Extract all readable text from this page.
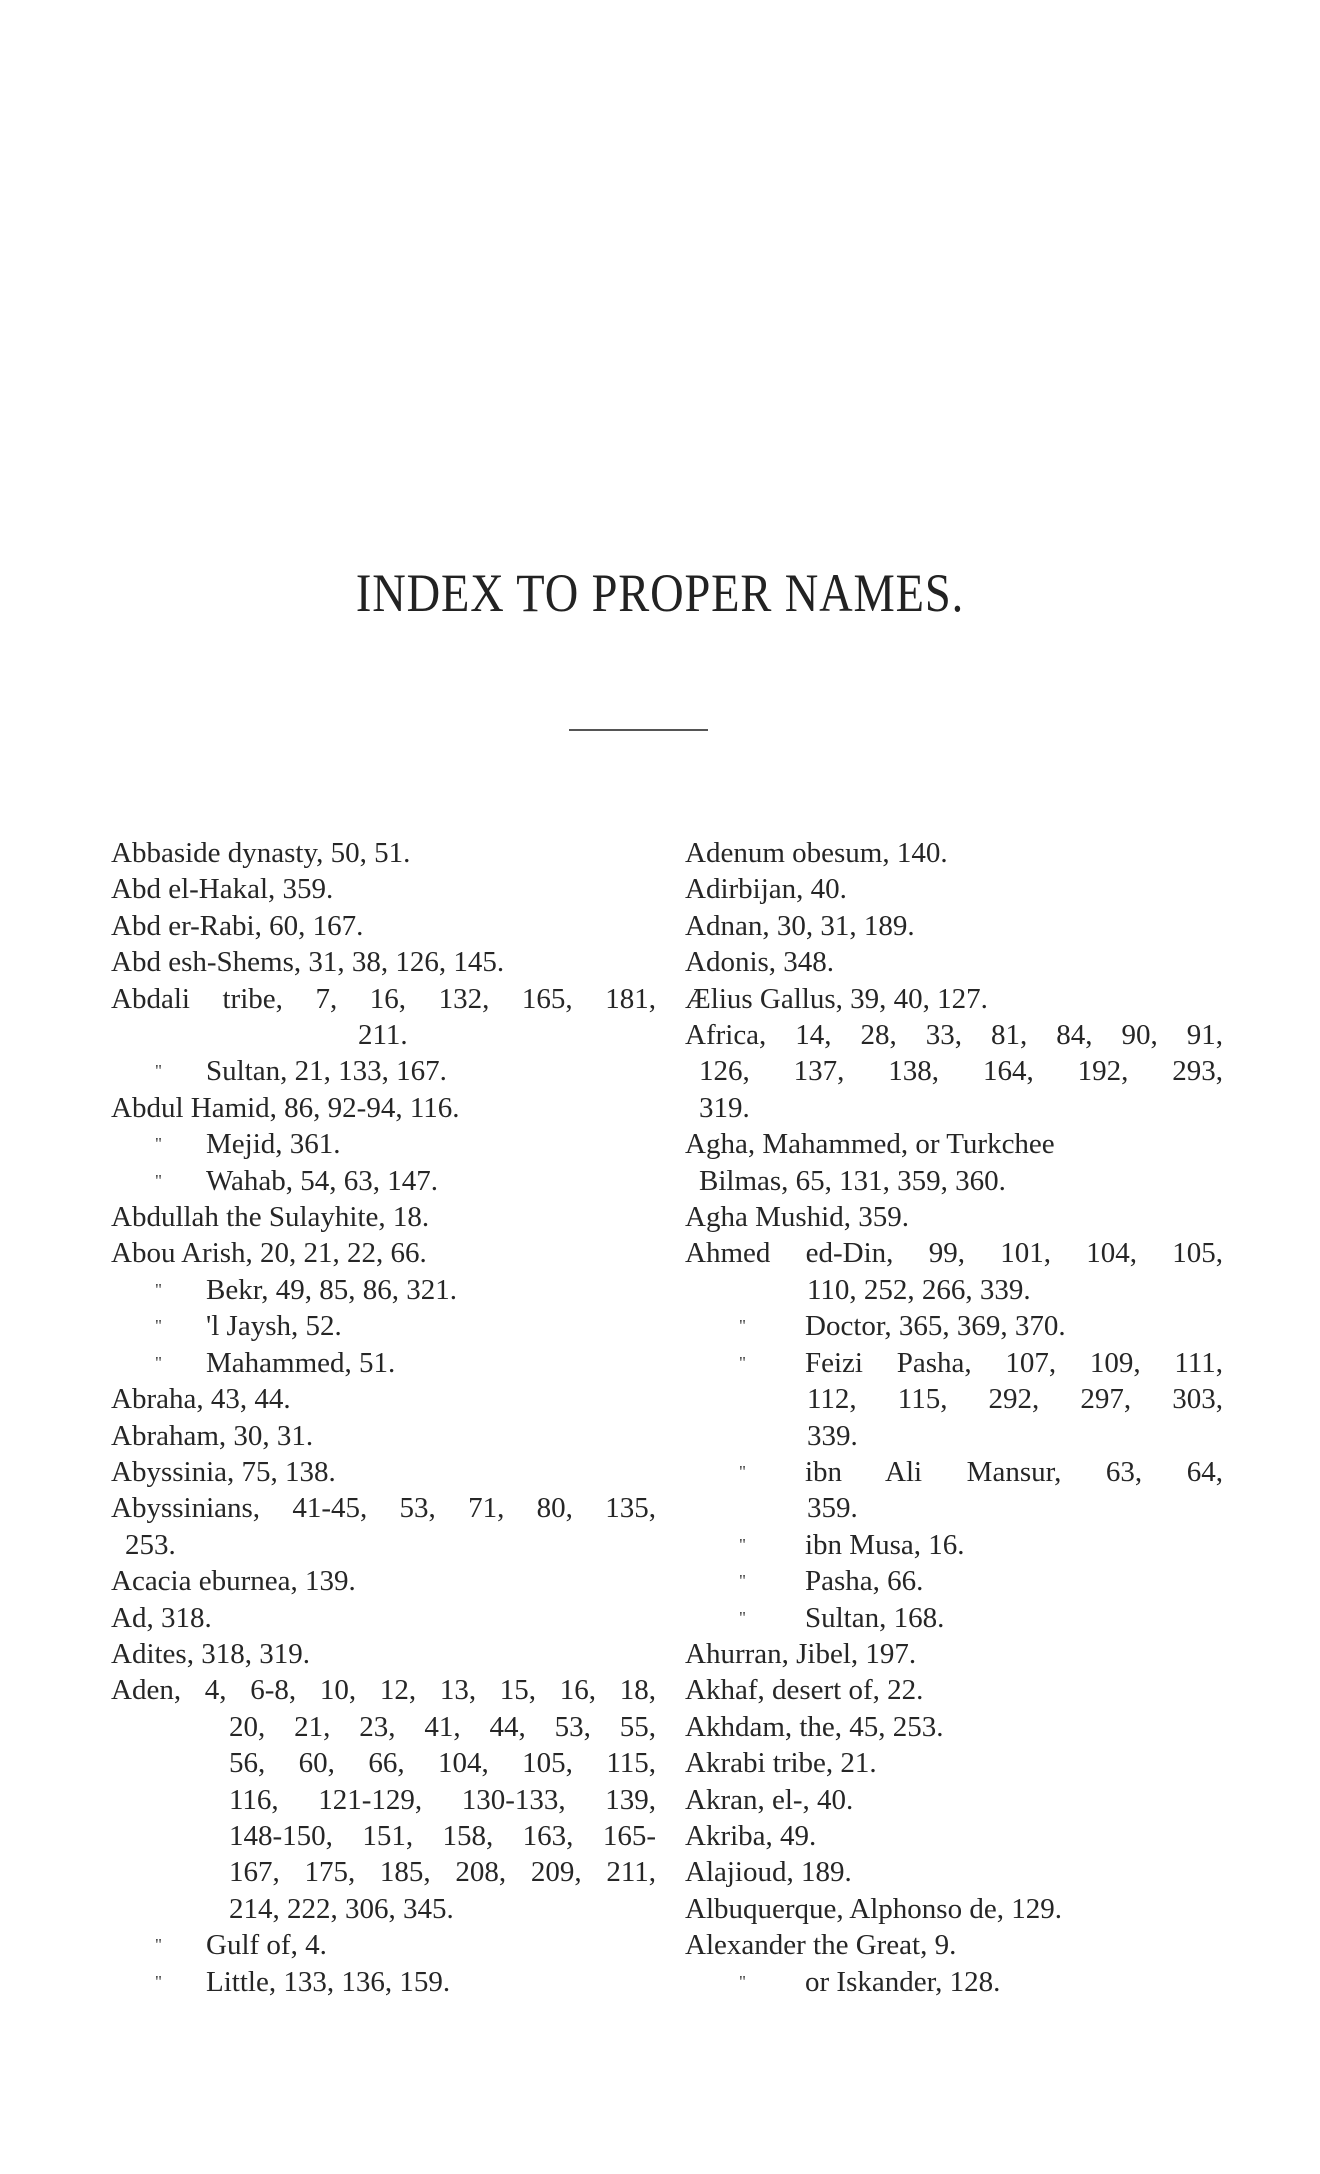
INDEX TO PROPER NAMES.
Abbaside dynasty, 50, 51.
Abd el-Hakal, 359.
Abd er-Rabi, 60, 167.
Abd esh-Shems, 31, 38, 126, 145.
Abdali tribe, 7, 16, 132, 165, 181,
211.
"	Sultan, 21, 133, 167.
Abdul Hamid, 86, 92-94, 116.
"	Mejid, 361.
"	Wahab, 54, 63, 147.
Abdullah the Sulayhite, 18.
Abou Arish, 20, 21, 22, 66.
"	Bekr, 49, 85, 86, 321.
"	'l Jaysh, 52.
"	Mahammed, 51.
Abraha, 43, 44.
Abraham, 30, 31.
Abyssinia, 75, 138.
Abyssinians, 41-45, 53, 71, 80, 135,
253.
Acacia eburnea, 139.
Ad, 318.
Adites, 318, 319.
Aden, 4, 6-8, 10, 12, 13, 15, 16, 18,
20, 21, 23, 41, 44, 53, 55,
56, 60, 66, 104, 105, 115,
116, 121-129, 130-133, 139,
148-150, 151, 158, 163, 165-
167, 175, 185, 208, 209, 211,
214, 222, 306, 345.
"	Gulf of, 4.
"	Little, 133, 136, 159.
Adenum obesum, 140.
Adirbijan, 40.
Adnan, 30, 31, 189.
Adonis, 348.
Ælius Gallus, 39, 40, 127.
Africa, 14, 28, 33, 81, 84, 90, 91,
126, 137, 138, 164, 192, 293,
319.
Agha, Mahammed, or Turkchee
Bilmas, 65, 131, 359, 360.
Agha Mushid, 359.
Ahmed ed-Din, 99, 101, 104, 105,
110, 252, 266, 339.
"	Doctor, 365, 369, 370.
"	Feizi Pasha, 107, 109, 111,
112, 115, 292, 297, 303,
339.
"	ibn Ali Mansur, 63, 64,
359.
"	ibn Musa, 16.
"	Pasha, 66.
"	Sultan, 168.
Ahurran, Jibel, 197.
Akhaf, desert of, 22.
Akhdam, the, 45, 253.
Akrabi tribe, 21.
Akran, el-, 40.
Akriba, 49.
Alajioud, 189.
Albuquerque, Alphonso de, 129.
Alexander the Great, 9.
"	or Iskander, 128.
